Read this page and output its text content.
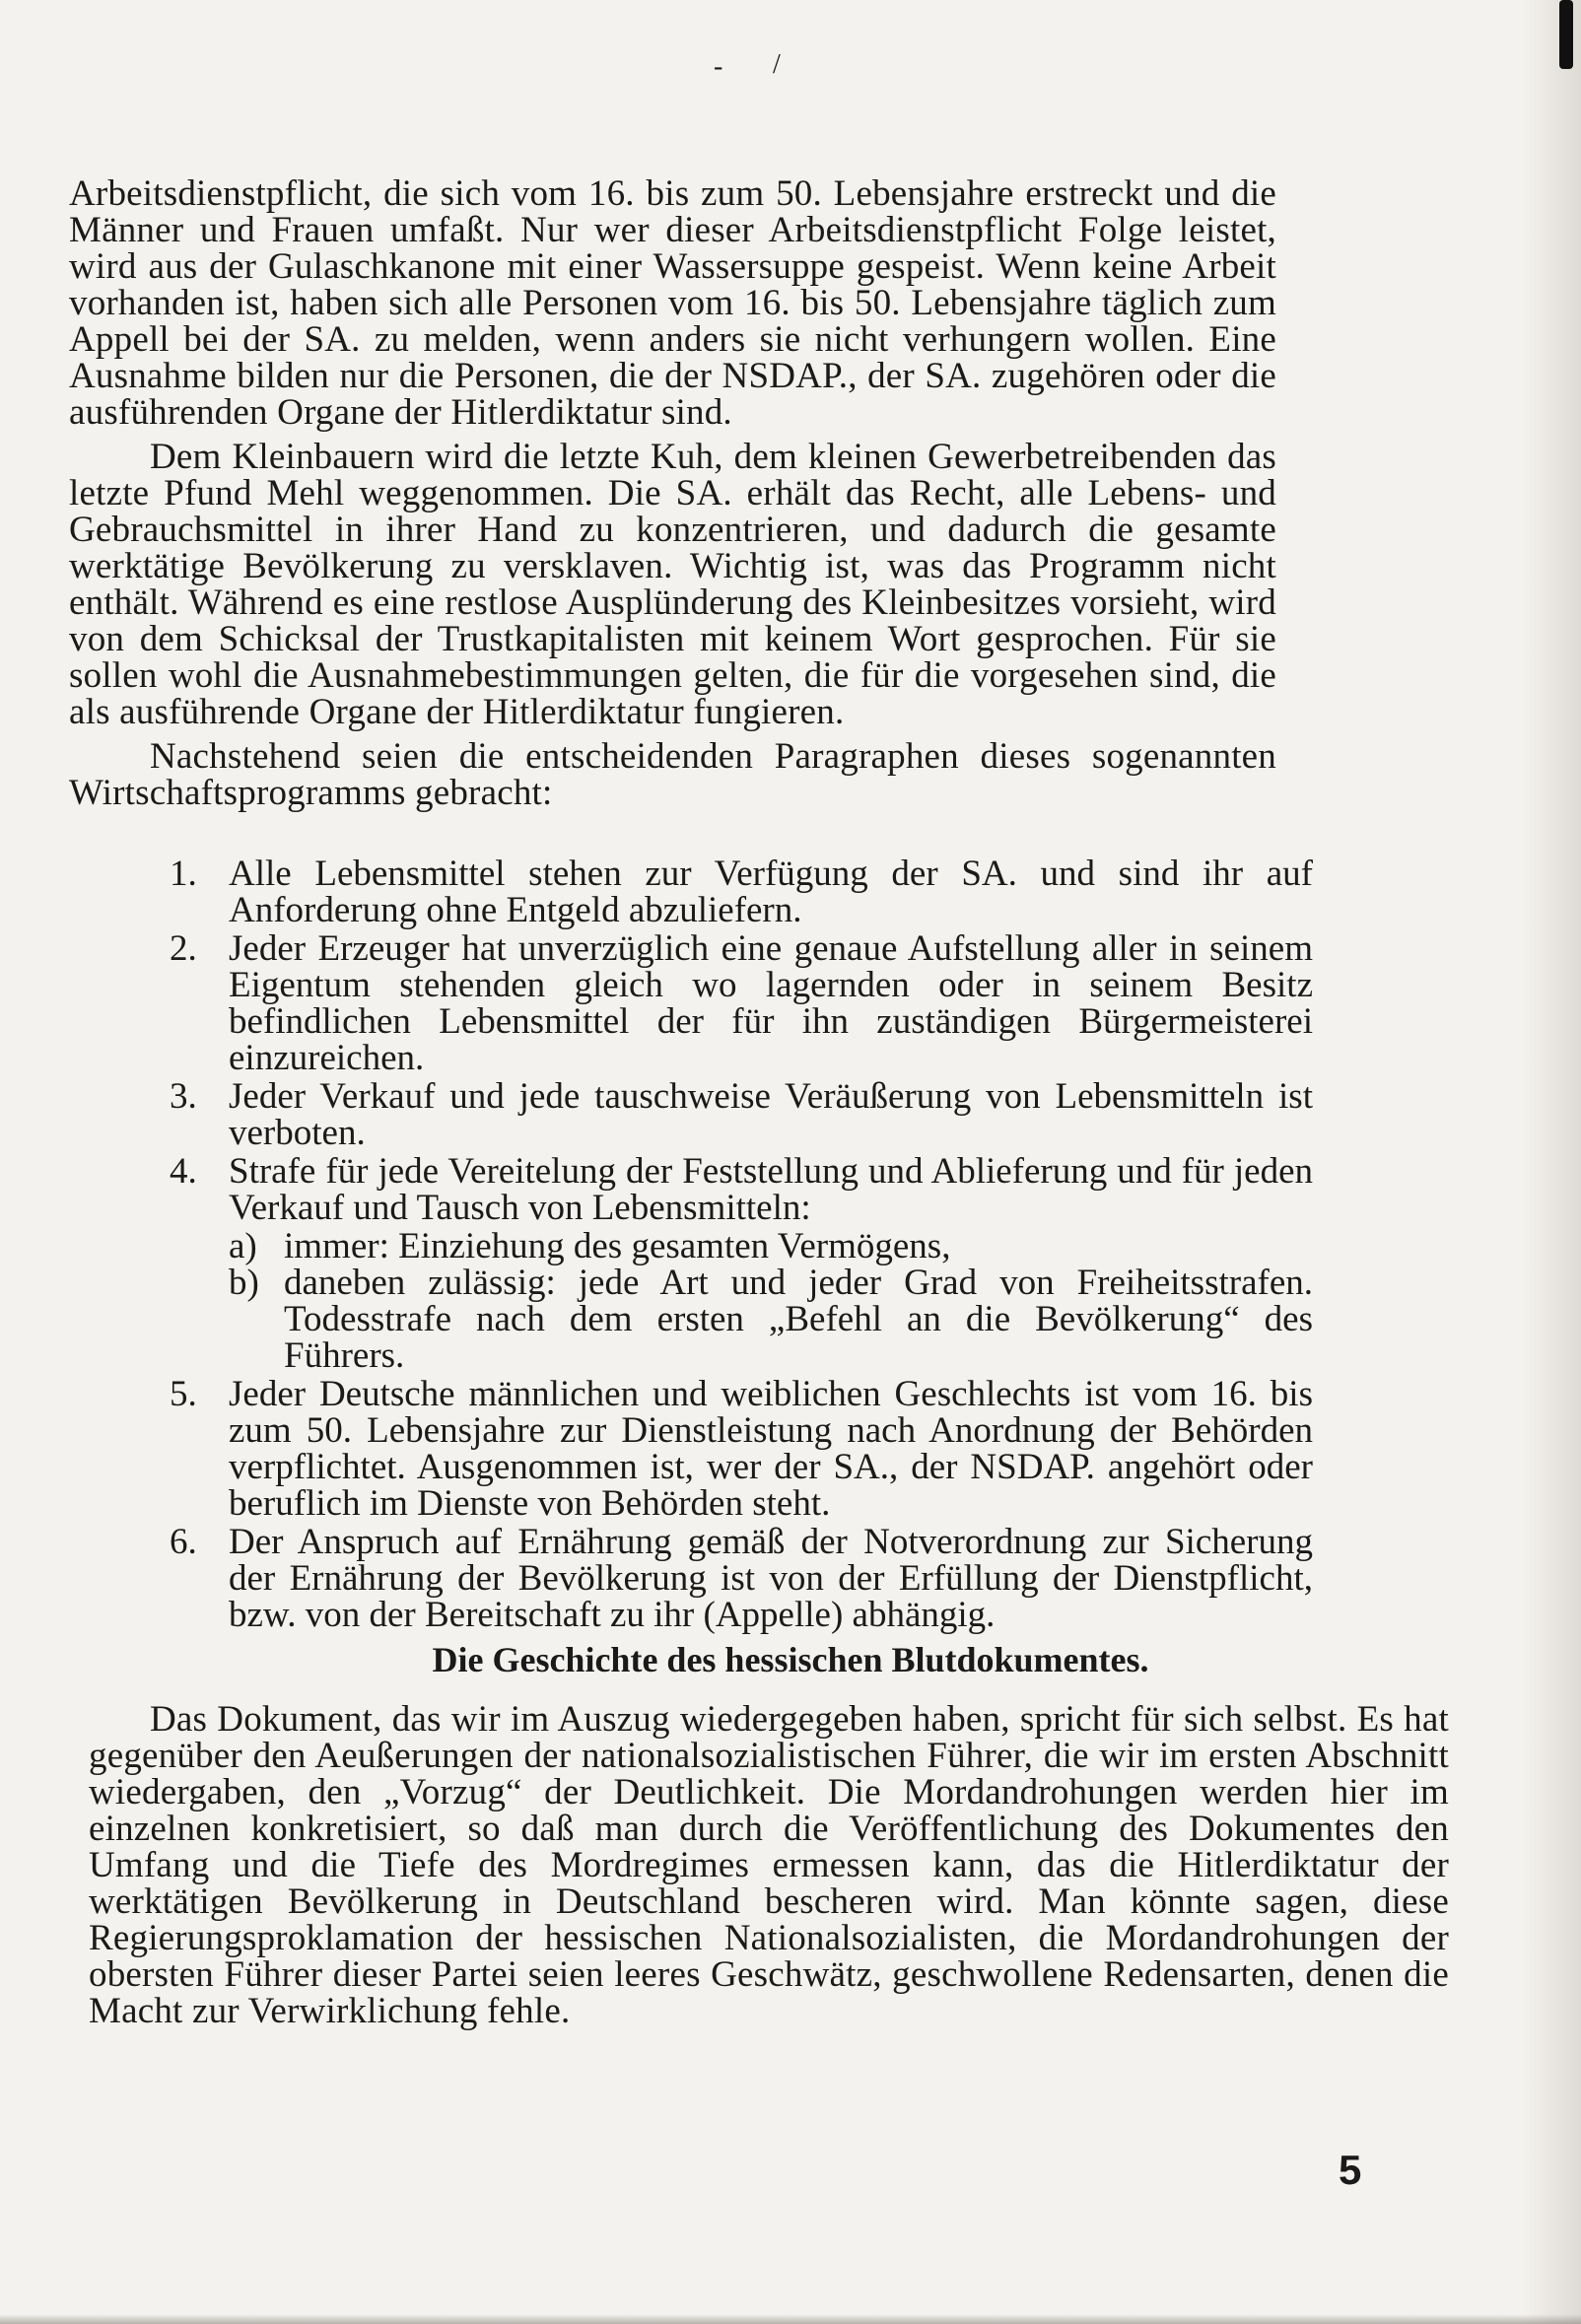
- /

Arbeitsdienstpflicht, die sich vom 16. bis zum 50. Lebensjahre erstreckt und die Männer und Frauen umfaßt. Nur wer dieser Arbeitsdienstpflicht Folge leistet, wird aus der Gulaschkanone mit einer Wassersuppe gespeist. Wenn keine Arbeit vorhanden ist, haben sich alle Personen vom 16. bis 50. Lebensjahre täglich zum Appell bei der SA. zu melden, wenn anders sie nicht verhungern wollen. Eine Ausnahme bilden nur die Personen, die der NSDAP., der SA. zugehören oder die ausführenden Organe der Hitlerdiktatur sind.

Dem Kleinbauern wird die letzte Kuh, dem kleinen Gewerbetreibenden das letzte Pfund Mehl weggenommen. Die SA. erhält das Recht, alle Lebens- und Gebrauchsmittel in ihrer Hand zu konzentrieren, und dadurch die gesamte werktätige Bevölkerung zu versklaven. Wichtig ist, was das Programm nicht enthält. Während es eine restlose Ausplünderung des Kleinbesitzes vorsieht, wird von dem Schicksal der Trustkapitalisten mit keinem Wort gesprochen. Für sie sollen wohl die Ausnahmebestimmungen gelten, die für die vorgesehen sind, die als ausführende Organe der Hitlerdiktatur fungieren.

Nachstehend seien die entscheidenden Paragraphen dieses sogenannten Wirtschaftsprogramms gebracht:

1. Alle Lebensmittel stehen zur Verfügung der SA. und sind ihr auf Anforderung ohne Entgeld abzuliefern.
2. Jeder Erzeuger hat unverzüglich eine genaue Aufstellung aller in seinem Eigentum stehenden gleich wo lagernden oder in seinem Besitz befindlichen Lebensmittel der für ihn zuständigen Bürgermeisterei einzureichen.
3. Jeder Verkauf und jede tauschweise Veräußerung von Lebensmitteln ist verboten.
4. Strafe für jede Vereitelung der Feststellung und Ablieferung und für jeden Verkauf und Tausch von Lebensmitteln:
a) immer: Einziehung des gesamten Vermögens,
b) daneben zulässig: jede Art und jeder Grad von Freiheitsstrafen. Todesstrafe nach dem ersten „Befehl an die Bevölkerung“ des Führers.
5. Jeder Deutsche männlichen und weiblichen Geschlechts ist vom 16. bis zum 50. Lebensjahre zur Dienstleistung nach Anordnung der Behörden verpflichtet. Ausgenommen ist, wer der SA., der NSDAP. angehört oder beruflich im Dienste von Behörden steht.
6. Der Anspruch auf Ernährung gemäß der Notverordnung zur Sicherung der Ernährung der Bevölkerung ist von der Erfüllung der Dienstpflicht, bzw. von der Bereitschaft zu ihr (Appelle) abhängig.
Die Geschichte des hessischen Blutdokumentes.

Das Dokument, das wir im Auszug wiedergegeben haben, spricht für sich selbst. Es hat gegenüber den Aeußerungen der nationalsozialistischen Führer, die wir im ersten Abschnitt wiedergaben, den „Vorzug“ der Deutlichkeit. Die Mordandrohungen werden hier im einzelnen konkretisiert, so daß man durch die Veröffentlichung des Dokumentes den Umfang und die Tiefe des Mordregimes ermessen kann, das die Hitlerdiktatur der werktätigen Bevölkerung in Deutschland bescheren wird. Man könnte sagen, diese Regierungsproklamation der hessischen Nationalsozialisten, die Mordandrohungen der obersten Führer dieser Partei seien leeres Geschwätz, geschwollene Redensarten, denen die Macht zur Verwirklichung fehle.

5
